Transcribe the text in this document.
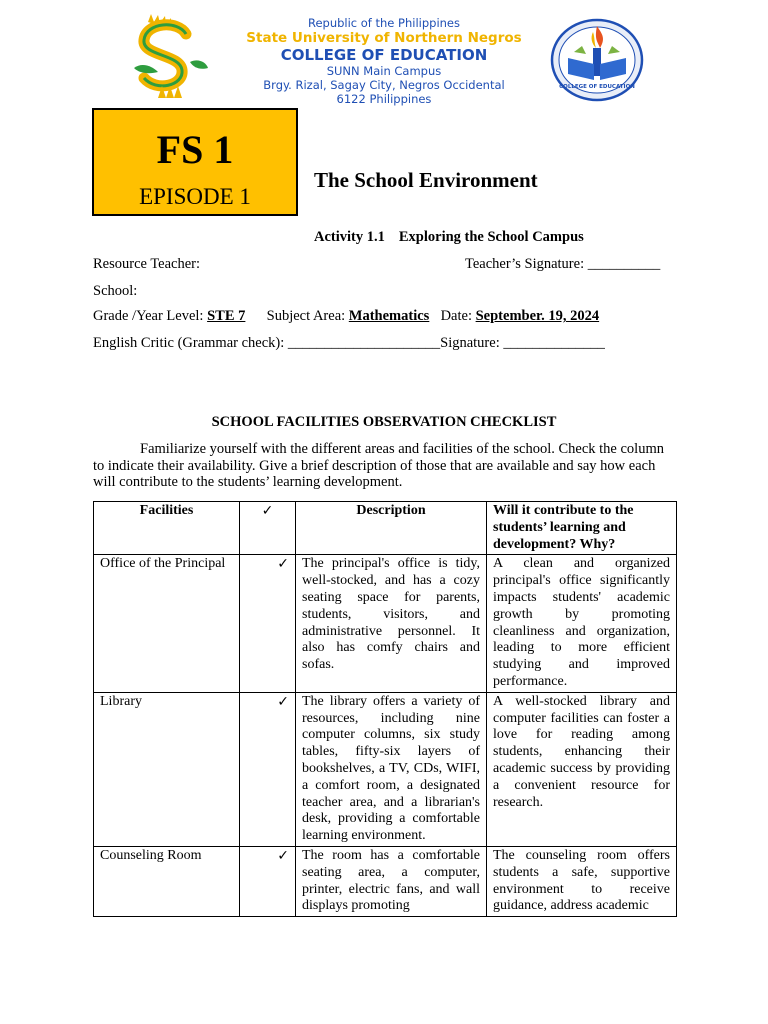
COLLEGE OF EDUCATION
Republic of the Philippines
State University of Northern Negros
COLLEGE OF EDUCATION
SUNN Main Campus
Brgy. Rizal, Sagay City, Negros Occidental
6122 Philippines
FS 1
EPISODE 1
The School Environment
Activity 1.1 Exploring the School Campus
Resource Teacher:	Teacher’s Signature: __________
School:
Grade /Year Level: STE 7 Subject Area: Mathematics Date: September. 19, 2024
English Critic (Grammar check): _____________________Signature: ______________
SCHOOL FACILITIES OBSERVATION CHECKLIST
Familiarize yourself with the different areas and facilities of the school. Check the column to indicate their availability. Give a brief description of those that are available and say how each will contribute to the students’ learning development.
Facilities	✓	Description	Will it contribute to the students’ learning and development? Why?
Office of the Principal	✓	The principal's office is tidy, well-stocked, and has a cozy seating space for parents, students, visitors, and administrative personnel. It also has comfy chairs and sofas.	A clean and organized principal's office significantly impacts students' academic growth by promoting cleanliness and organization, leading to more efficient studying and improved performance.
Library	✓	The library offers a variety of resources, including nine computer columns, six study tables, fifty-six layers of bookshelves, a TV, CDs, WIFI, a comfort room, a designated teacher area, and a librarian's desk, providing a comfortable learning environment.	A well-stocked library and computer facilities can foster a love for reading among students, enhancing their academic success by providing a convenient resource for research.
Counseling Room	✓	The room has a comfortable seating area, a computer, printer, electric fans, and wall displays promoting	The counseling room offers students a safe, supportive environment to receive guidance, address academic
